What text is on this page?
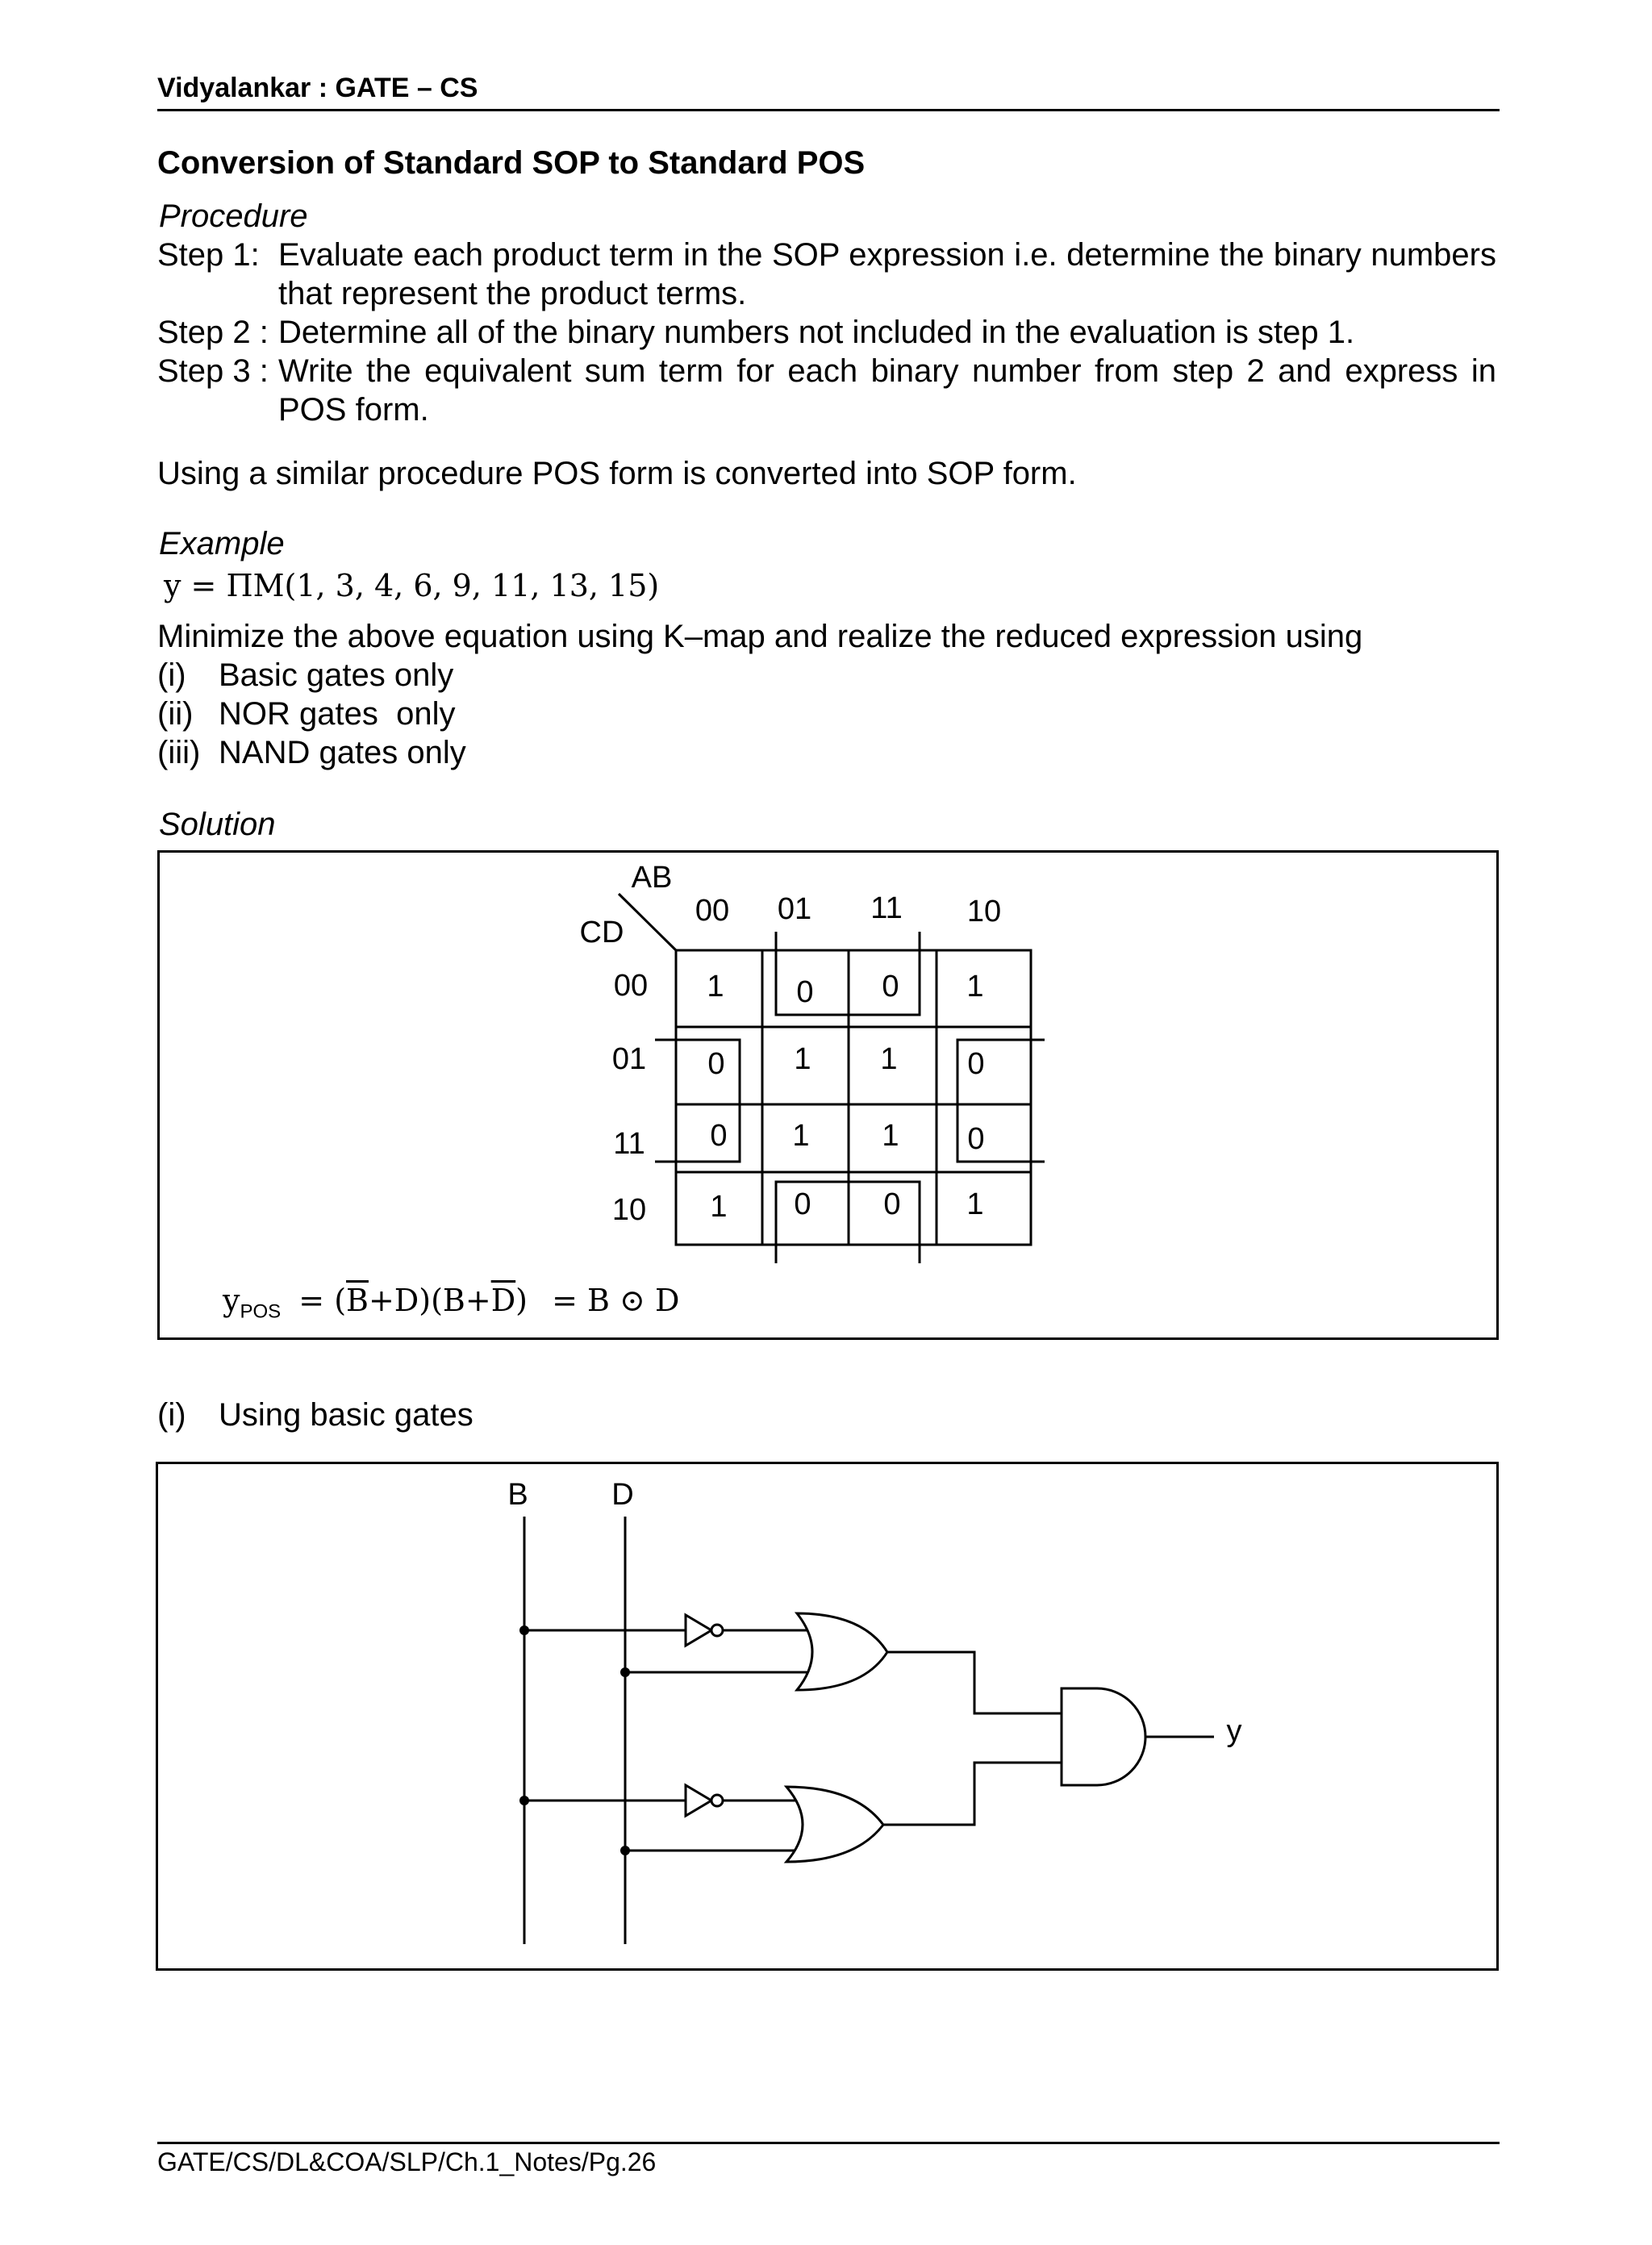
Vidyalankar : GATE – CS
Conversion of Standard SOP to Standard POS
Procedure
Step 1: Evaluate each product term in the SOP expression i.e. determine the binary numbers that represent the product terms.
Step 2 : Determine all of the binary numbers not included in the evaluation is step 1.
Step 3 : Write the equivalent sum term for each binary number from step 2 and express in POS form.
Using a similar procedure POS form is converted into SOP form.
Example
y = ΠM(1, 3, 4, 6, 9, 11, 13, 15)
Minimize the above equation using K–map and realize the reduced expression using
(i) Basic gates only
(ii) NOR gates  only
(iii) NAND gates only
Solution
AB
CD
00 01 11 10
00
01
11
10
1 0 0 1
0 1 1 0
0 1 1 0
1 0 0 1
$y_{POS} = (\overline{B}+D)(B+\overline{D}) = B$ ⊙ D
(i) Using basic gates
B	D
y
GATE/CS/DL&COA/SLP/Ch.1_Notes/Pg.26
